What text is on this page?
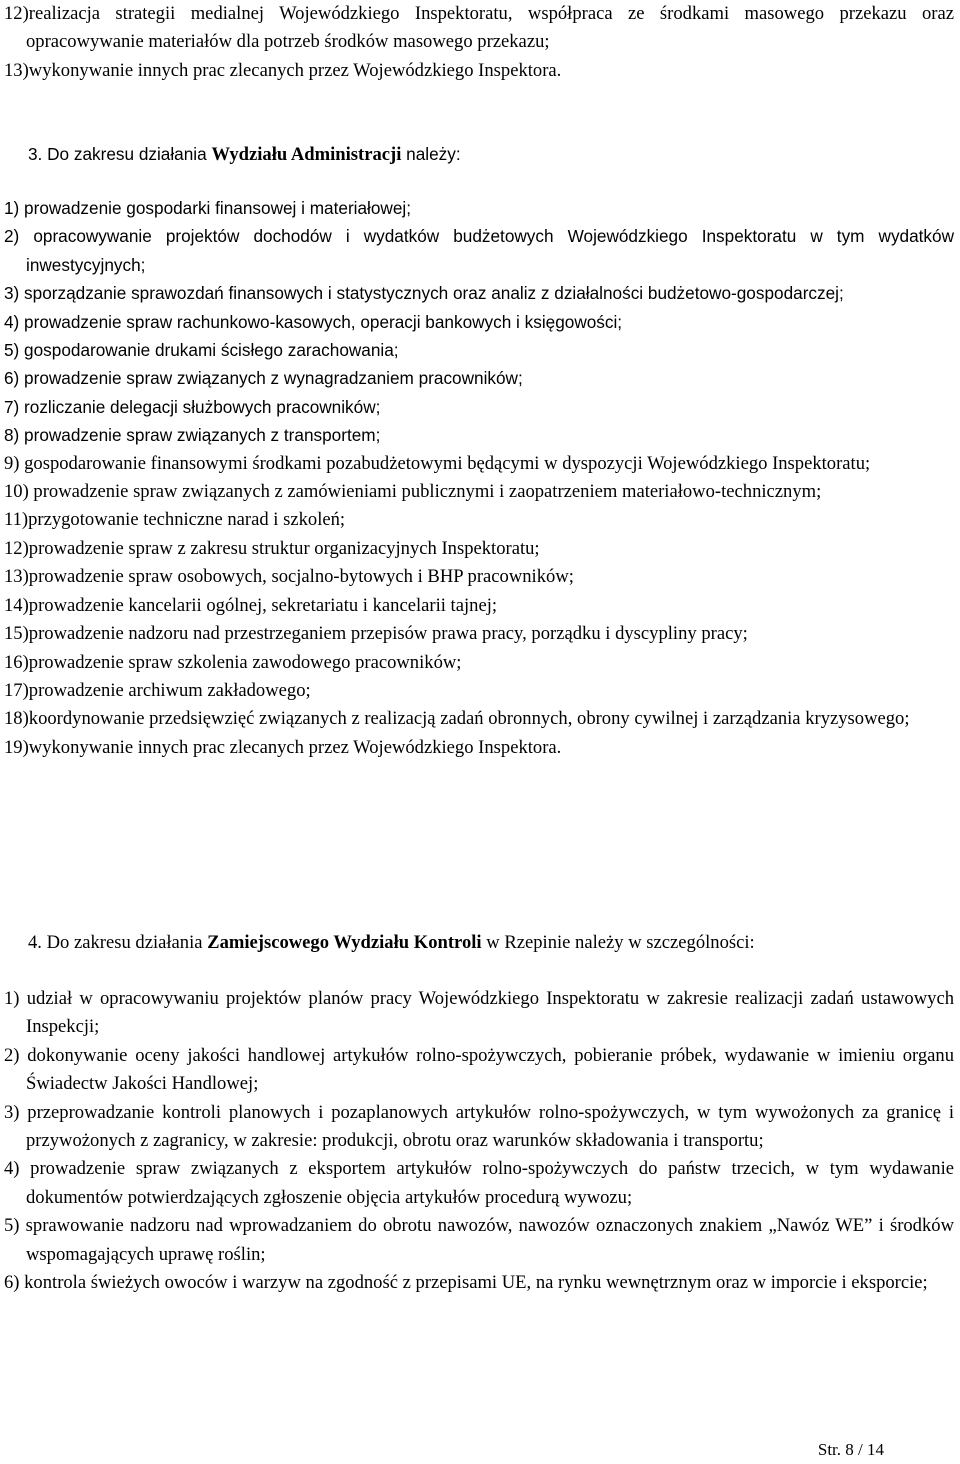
12)realizacja strategii medialnej Wojewódzkiego Inspektoratu, współpraca ze środkami masowego przekazu oraz opracowywanie materiałów dla potrzeb środków masowego przekazu;
13)wykonywanie innych prac zlecanych przez Wojewódzkiego Inspektora.
3. Do zakresu działania Wydziału Administracji należy:
1) prowadzenie gospodarki finansowej i materiałowej;
2) opracowywanie projektów dochodów i wydatków budżetowych Wojewódzkiego Inspektoratu w tym wydatków inwestycyjnych;
3) sporządzanie sprawozdań finansowych i statystycznych oraz analiz z działalności budżetowo-gospodarczej;
4) prowadzenie spraw rachunkowo-kasowych, operacji bankowych i księgowości;
5) gospodarowanie drukami ścisłego zarachowania;
6) prowadzenie spraw związanych z wynagradzaniem pracowników;
7) rozliczanie delegacji służbowych pracowników;
8) prowadzenie spraw związanych z transportem;
9) gospodarowanie finansowymi środkami pozabudżetowymi będącymi w dyspozycji Wojewódzkiego Inspektoratu;
10) prowadzenie spraw związanych z zamówieniami publicznymi i zaopatrzeniem materiałowo-technicznym;
11)przygotowanie techniczne narad i szkoleń;
12)prowadzenie spraw z zakresu struktur organizacyjnych Inspektoratu;
13)prowadzenie spraw osobowych, socjalno-bytowych i BHP pracowników;
14)prowadzenie kancelarii ogólnej, sekretariatu i kancelarii tajnej;
15)prowadzenie nadzoru nad przestrzeganiem przepisów prawa pracy, porządku i dyscypliny pracy;
16)prowadzenie spraw szkolenia zawodowego pracowników;
17)prowadzenie archiwum zakładowego;
18)koordynowanie przedsięwzięć związanych z realizacją zadań obronnych, obrony cywilnej i zarządzania kryzysowego;
19)wykonywanie innych prac zlecanych przez Wojewódzkiego Inspektora.
4. Do zakresu działania Zamiejscowego Wydziału Kontroli w Rzepinie należy w szczególności:
1) udział w opracowywaniu projektów planów pracy Wojewódzkiego Inspektoratu w zakresie realizacji zadań ustawowych Inspekcji;
2) dokonywanie oceny jakości handlowej artykułów rolno-spożywczych, pobieranie próbek, wydawanie w imieniu organu Świadectw Jakości Handlowej;
3) przeprowadzanie kontroli planowych i pozaplanowych artykułów rolno-spożywczych, w tym wywożonych za granicę i przywożonych z zagranicy, w zakresie: produkcji, obrotu oraz warunków składowania i transportu;
4) prowadzenie spraw związanych z eksportem artykułów rolno-spożywczych do państw trzecich, w tym wydawanie dokumentów potwierdzających zgłoszenie objęcia artykułów procedurą wywozu;
5) sprawowanie nadzoru nad wprowadzaniem do obrotu nawozów, nawozów oznaczonych znakiem „Nawóz WE” i środków wspomagających uprawę roślin;
6) kontrola świeżych owoców i warzyw na zgodność z przepisami UE, na rynku wewnętrznym oraz w imporcie i eksporcie;
Str. 8 / 14
